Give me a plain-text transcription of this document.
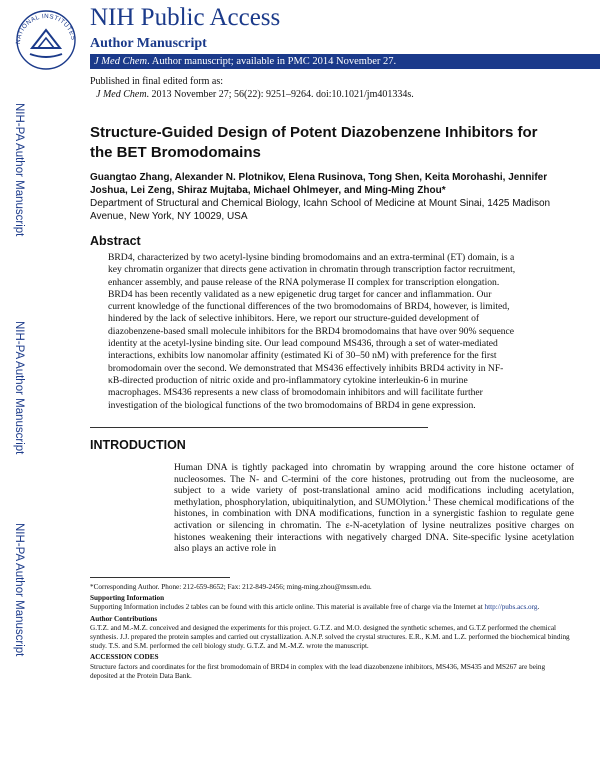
NATIONAL INSTITUTES
NIH Public Access
Author Manuscript
J Med Chem. Author manuscript; available in PMC 2014 November 27.
Published in final edited form as:
J Med Chem. 2013 November 27; 56(22): 9251–9264. doi:10.1021/jm401334s.
NIH-PA Author Manuscript
NIH-PA Author Manuscript
NIH-PA Author Manuscript
Structure-Guided Design of Potent Diazobenzene Inhibitors for the BET Bromodomains
Guangtao Zhang, Alexander N. Plotnikov, Elena Rusinova, Tong Shen, Keita Morohashi, Jennifer Joshua, Lei Zeng, Shiraz Mujtaba, Michael Ohlmeyer, and Ming-Ming Zhou*
Department of Structural and Chemical Biology, Icahn School of Medicine at Mount Sinai, 1425 Madison Avenue, New York, NY 10029, USA
Abstract

BRD4, characterized by two acetyl-lysine binding bromodomains and an extra-terminal (ET) domain, is a key chromatin organizer that directs gene activation in chromatin through transcription factor recruitment, enhancer assembly, and pause release of the RNA polymerase II complex for transcription elongation. BRD4 has been recently validated as a new epigenetic drug target for cancer and inflammation. Our current knowledge of the functional differences of the two bromodomains of BRD4, however, is limited, hindered by the lack of selective inhibitors. Here, we report our structure-guided development of diazobenzene-based small molecule inhibitors for the BRD4 bromodomains that have over 90% sequence identity at the acetyl-lysine binding site. Our lead compound MS436, through a set of water-mediated interactions, exhibits low nanomolar affinity (estimated Ki of 30–50 nM) with preference for the first bromodomain over the second. We demonstrated that MS436 effectively inhibits BRD4 activity in NF-κB-directed production of nitric oxide and pro-inflammatory cytokine interleukin-6 in murine macrophages. MS436 represents a new class of bromodomain inhibitors and will facilitate further investigation of the biological functions of the two bromodomains of BRD4 in gene expression.

INTRODUCTION
Human DNA is tightly packaged into chromatin by wrapping around the core histone octamer of nucleosomes. The N- and C-termini of the core histones, protruding out from the nucleosome, are subject to a wide variety of post-translational amino acid modifications including acetylation, methylation, phosphorylation, ubiquitinalytion, and SUMOlytion.$^1$ These chemical modifications of the histones, in combination with DNA modifications, function in a synergistic fashion to regulate gene activation or silencing in chromatin. The ε-N-acetylation of lysine neutralizes positive charges on histones weakening their interactions with negatively charged DNA. Site-specific lysine acetylation also plays an active role in

*Corresponding Author. Phone: 212-659-8652; Fax: 212-849-2456; ming-ming.zhou@mssm.edu.

Supporting Information

Supporting Information includes 2 tables can be found with this article online. This material is available free of charge via the Internet at http://pubs.acs.org.

Author Contributions

G.T.Z. and M.-M.Z. conceived and designed the experiments for this project. G.T.Z. and M.O. designed the synthetic schemes, and G.T.Z performed the chemical synthesis. J.J. prepared the protein samples and carried out crystallization. A.N.P. solved the crystal structures. E.R., K.M. and L.Z. performed the biochemical binding study. T.S. and S.M. performed the cell biology study. G.T.Z. and M.-M.Z. wrote the manuscript.

ACCESSION CODES

Structure factors and coordinates for the first bromodomain of BRD4 in complex with the lead diazobenzene inhibitors, MS436, MS435 and MS267 are being deposited at the Protein Data Bank.
